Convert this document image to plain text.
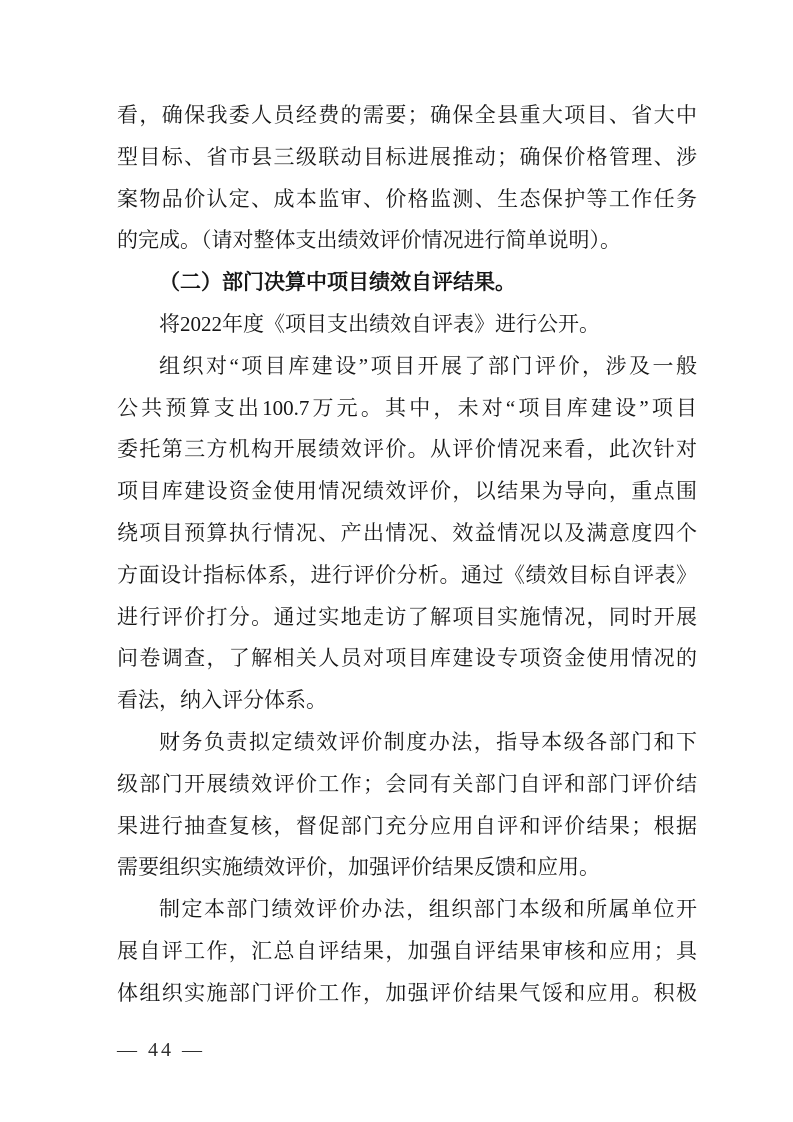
看，确保我委人员经费的需要；确保全县重大项目、省大中
型目标、省市县三级联动目标进展推动；确保价格管理、涉
案物品价认定、成本监审、价格监测、生态保护等工作任务
的完成。（请对整体支出绩效评价情况进行简单说明）。
（二）部门决算中项目绩效自评结果。
将2022年度《项目支出绩效自评表》进行公开。
组织对“项目库建设”项目开展了部门评价，涉及一般
公共预算支出100.7万元。其中，未对“项目库建设”项目
委托第三方机构开展绩效评价。从评价情况来看，此次针对
项目库建设资金使用情况绩效评价，以结果为导向，重点围
绕项目预算执行情况、产出情况、效益情况以及满意度四个
方面设计指标体系，进行评价分析。通过《绩效目标自评表》
进行评价打分。通过实地走访了解项目实施情况，同时开展
问卷调查，了解相关人员对项目库建设专项资金使用情况的
看法，纳入评分体系。
财务负责拟定绩效评价制度办法，指导本级各部门和下
级部门开展绩效评价工作；会同有关部门自评和部门评价结
果进行抽查复核，督促部门充分应用自评和评价结果；根据
需要组织实施绩效评价，加强评价结果反馈和应用。
制定本部门绩效评价办法，组织部门本级和所属单位开
展自评工作，汇总自评结果，加强自评结果审核和应用；具
体组织实施部门评价工作，加强评价结果气馁和应用。积极
— 44 —
